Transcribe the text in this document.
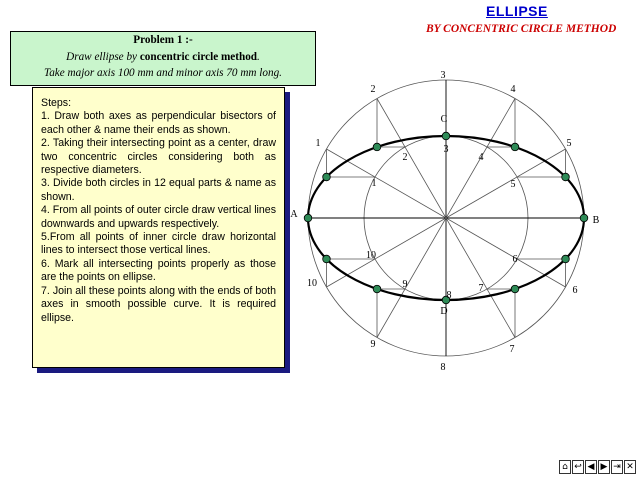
ELLIPSE
BY CONCENTRIC CIRCLE METHOD
Problem 1 :-
Draw ellipse by concentric circle method.
Take major axis 100 mm and minor axis 70 mm long.
Steps:
1. Draw both axes as perpendicular bisectors of each other & name their ends as shown.
2. Taking their intersecting point as a center, draw two concentric circles considering both as respective diameters.
3. Divide both circles in 12 equal parts & name as shown.
4. From all points of outer circle draw vertical lines downwards and upwards respectively.
5.From all points of inner circle draw horizontal lines to intersect those vertical lines.
6. Mark all intersecting points properly as those are the points on ellipse.
7. Join all these points along with the ends of both axes in smooth possible curve. It is required ellipse.
A
B
C
D
1
2
3
4
5
6
7
8
9
10
1
2
3
4
5
6
7
8
9
10
⌂ ↩ ◀ ▶ ⇥ ✕
